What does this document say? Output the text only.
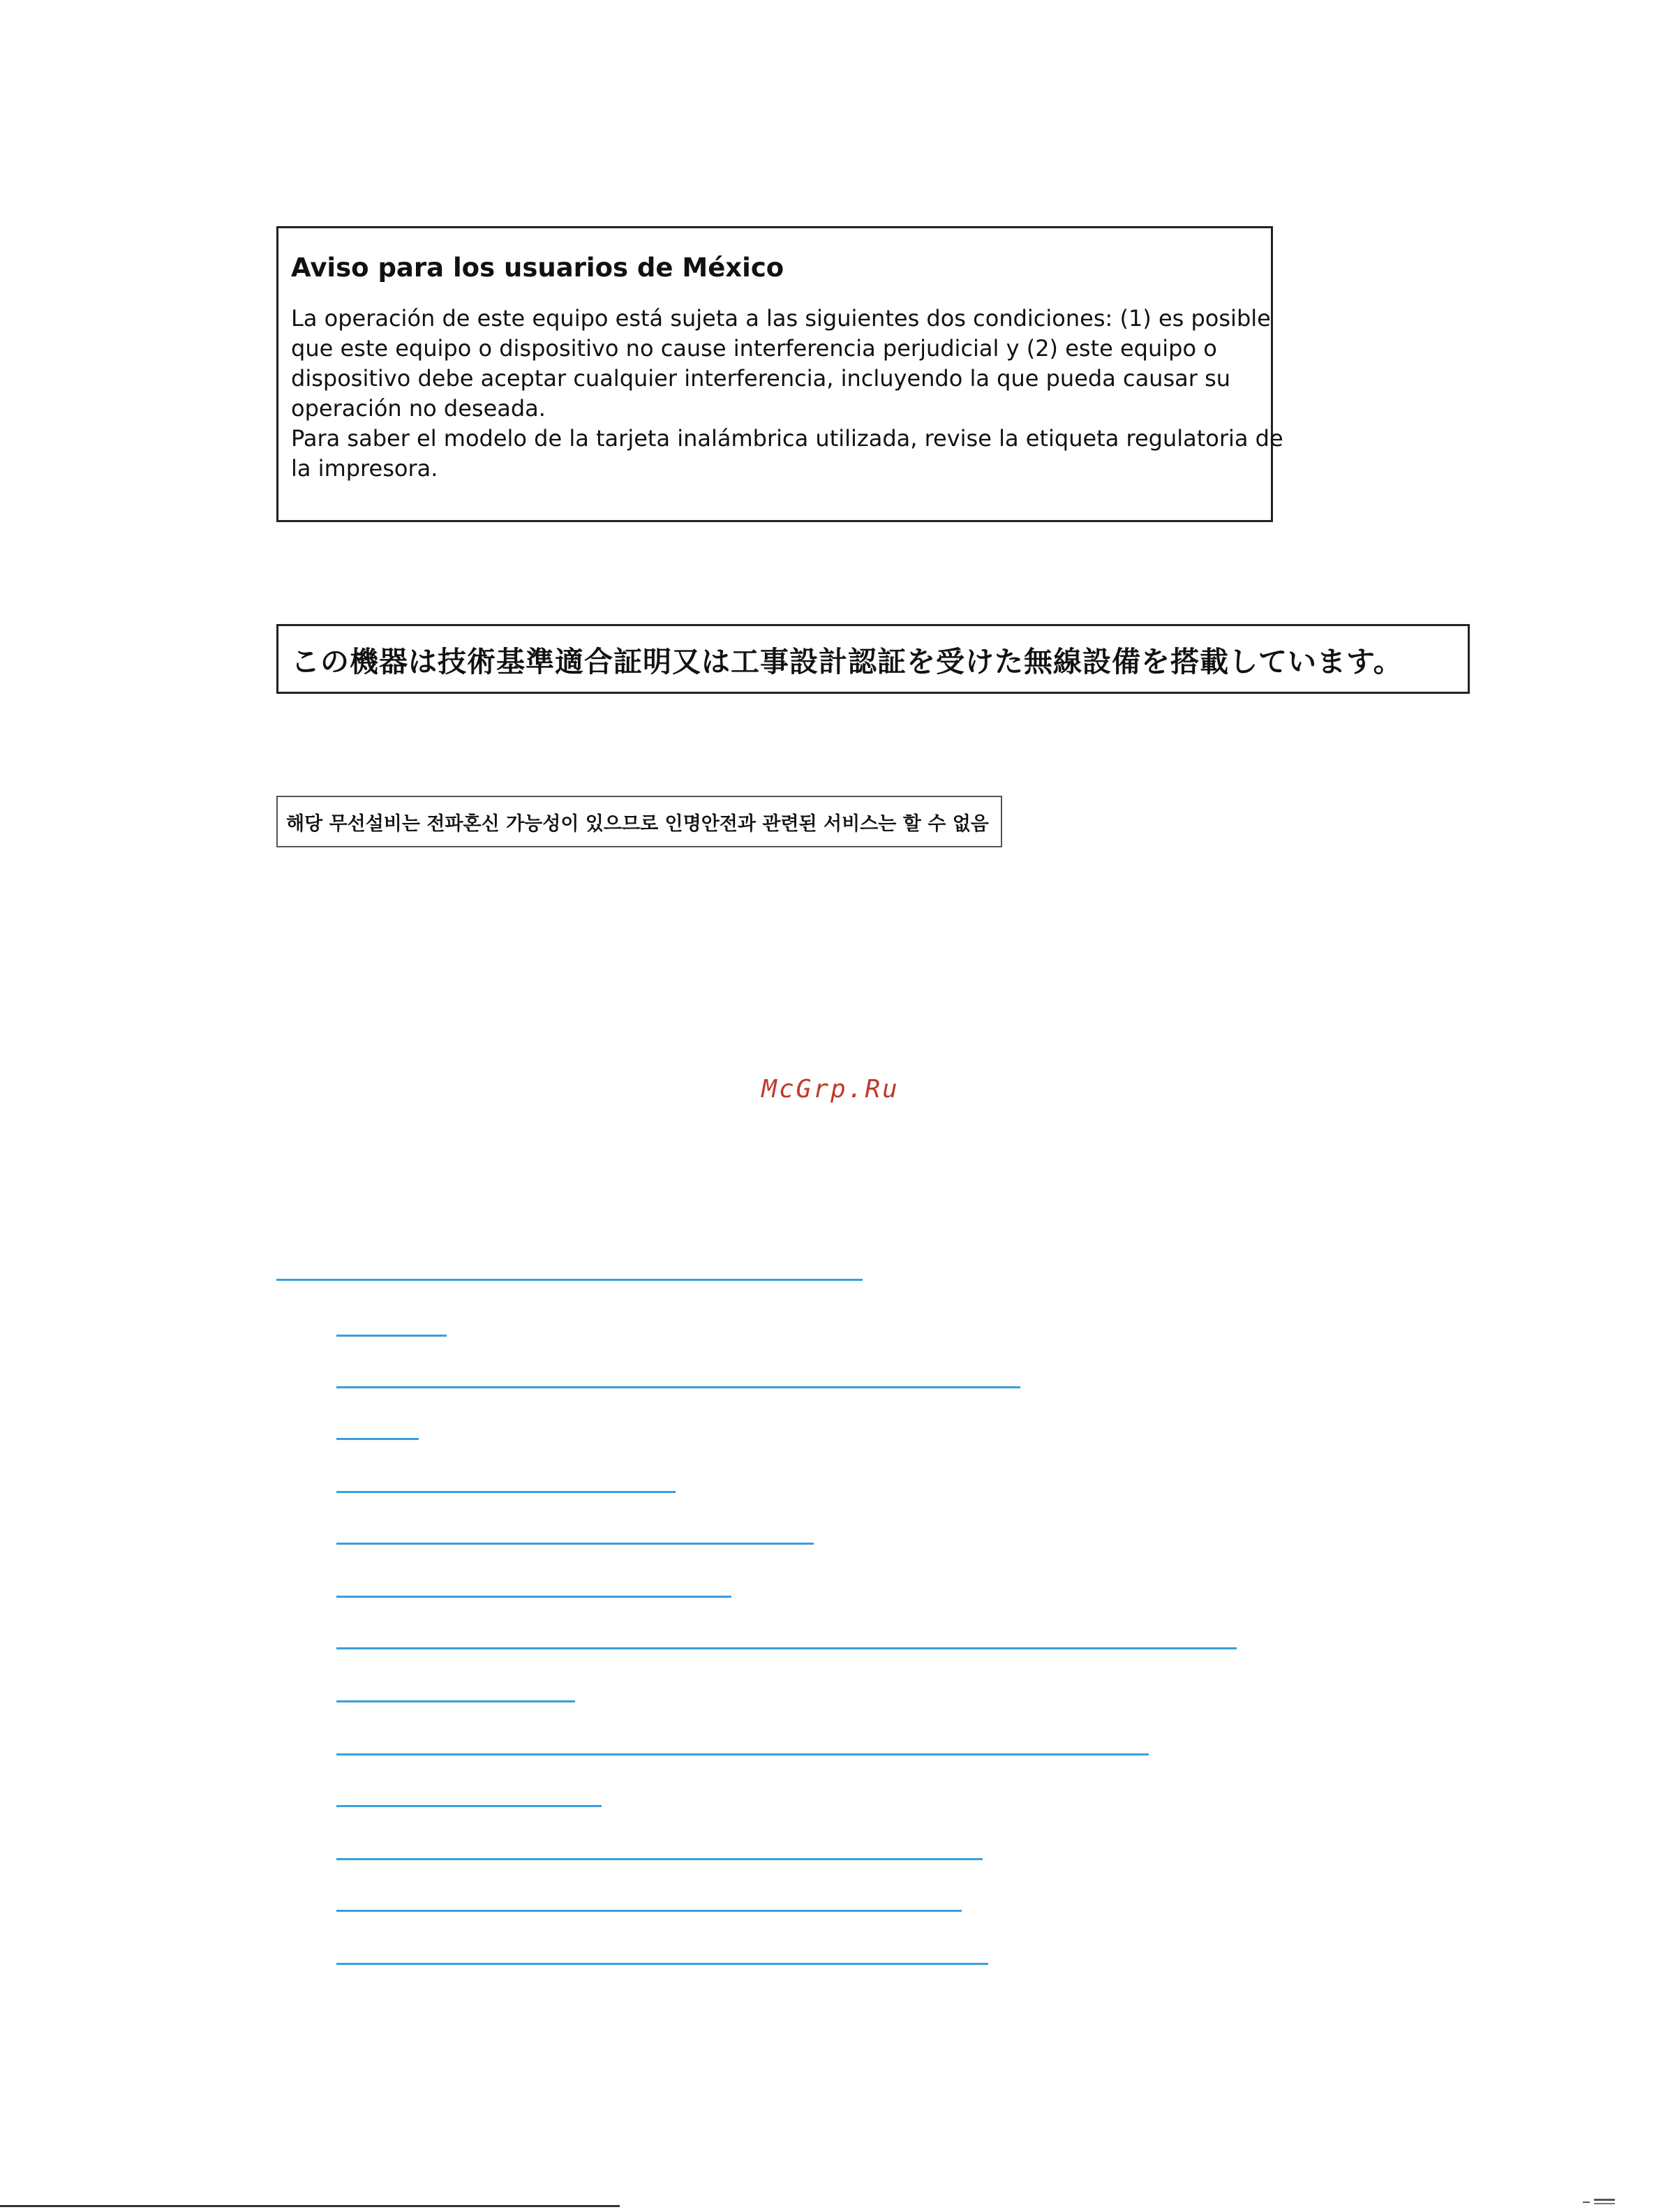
Aviso para los usuarios de México
La operación de este equipo está sujeta a las siguientes dos condiciones: (1) es posible
que este equipo o dispositivo no cause interferencia perjudicial y (2) este equipo o
dispositivo debe aceptar cualquier interferencia, incluyendo la que pueda causar su
operación no deseada.
Para saber el modelo de la tarjeta inalámbrica utilizada, revise la etiqueta regulatoria de
la impresora.
この機器は技術基準適合証明又は工事設計認証を受けた無線設備を搭載しています。
해당 무선설비는 전파혼신 가능성이 있으므로 인명안전과 관련된 서비스는 할 수 없음
McGrp.Ru
